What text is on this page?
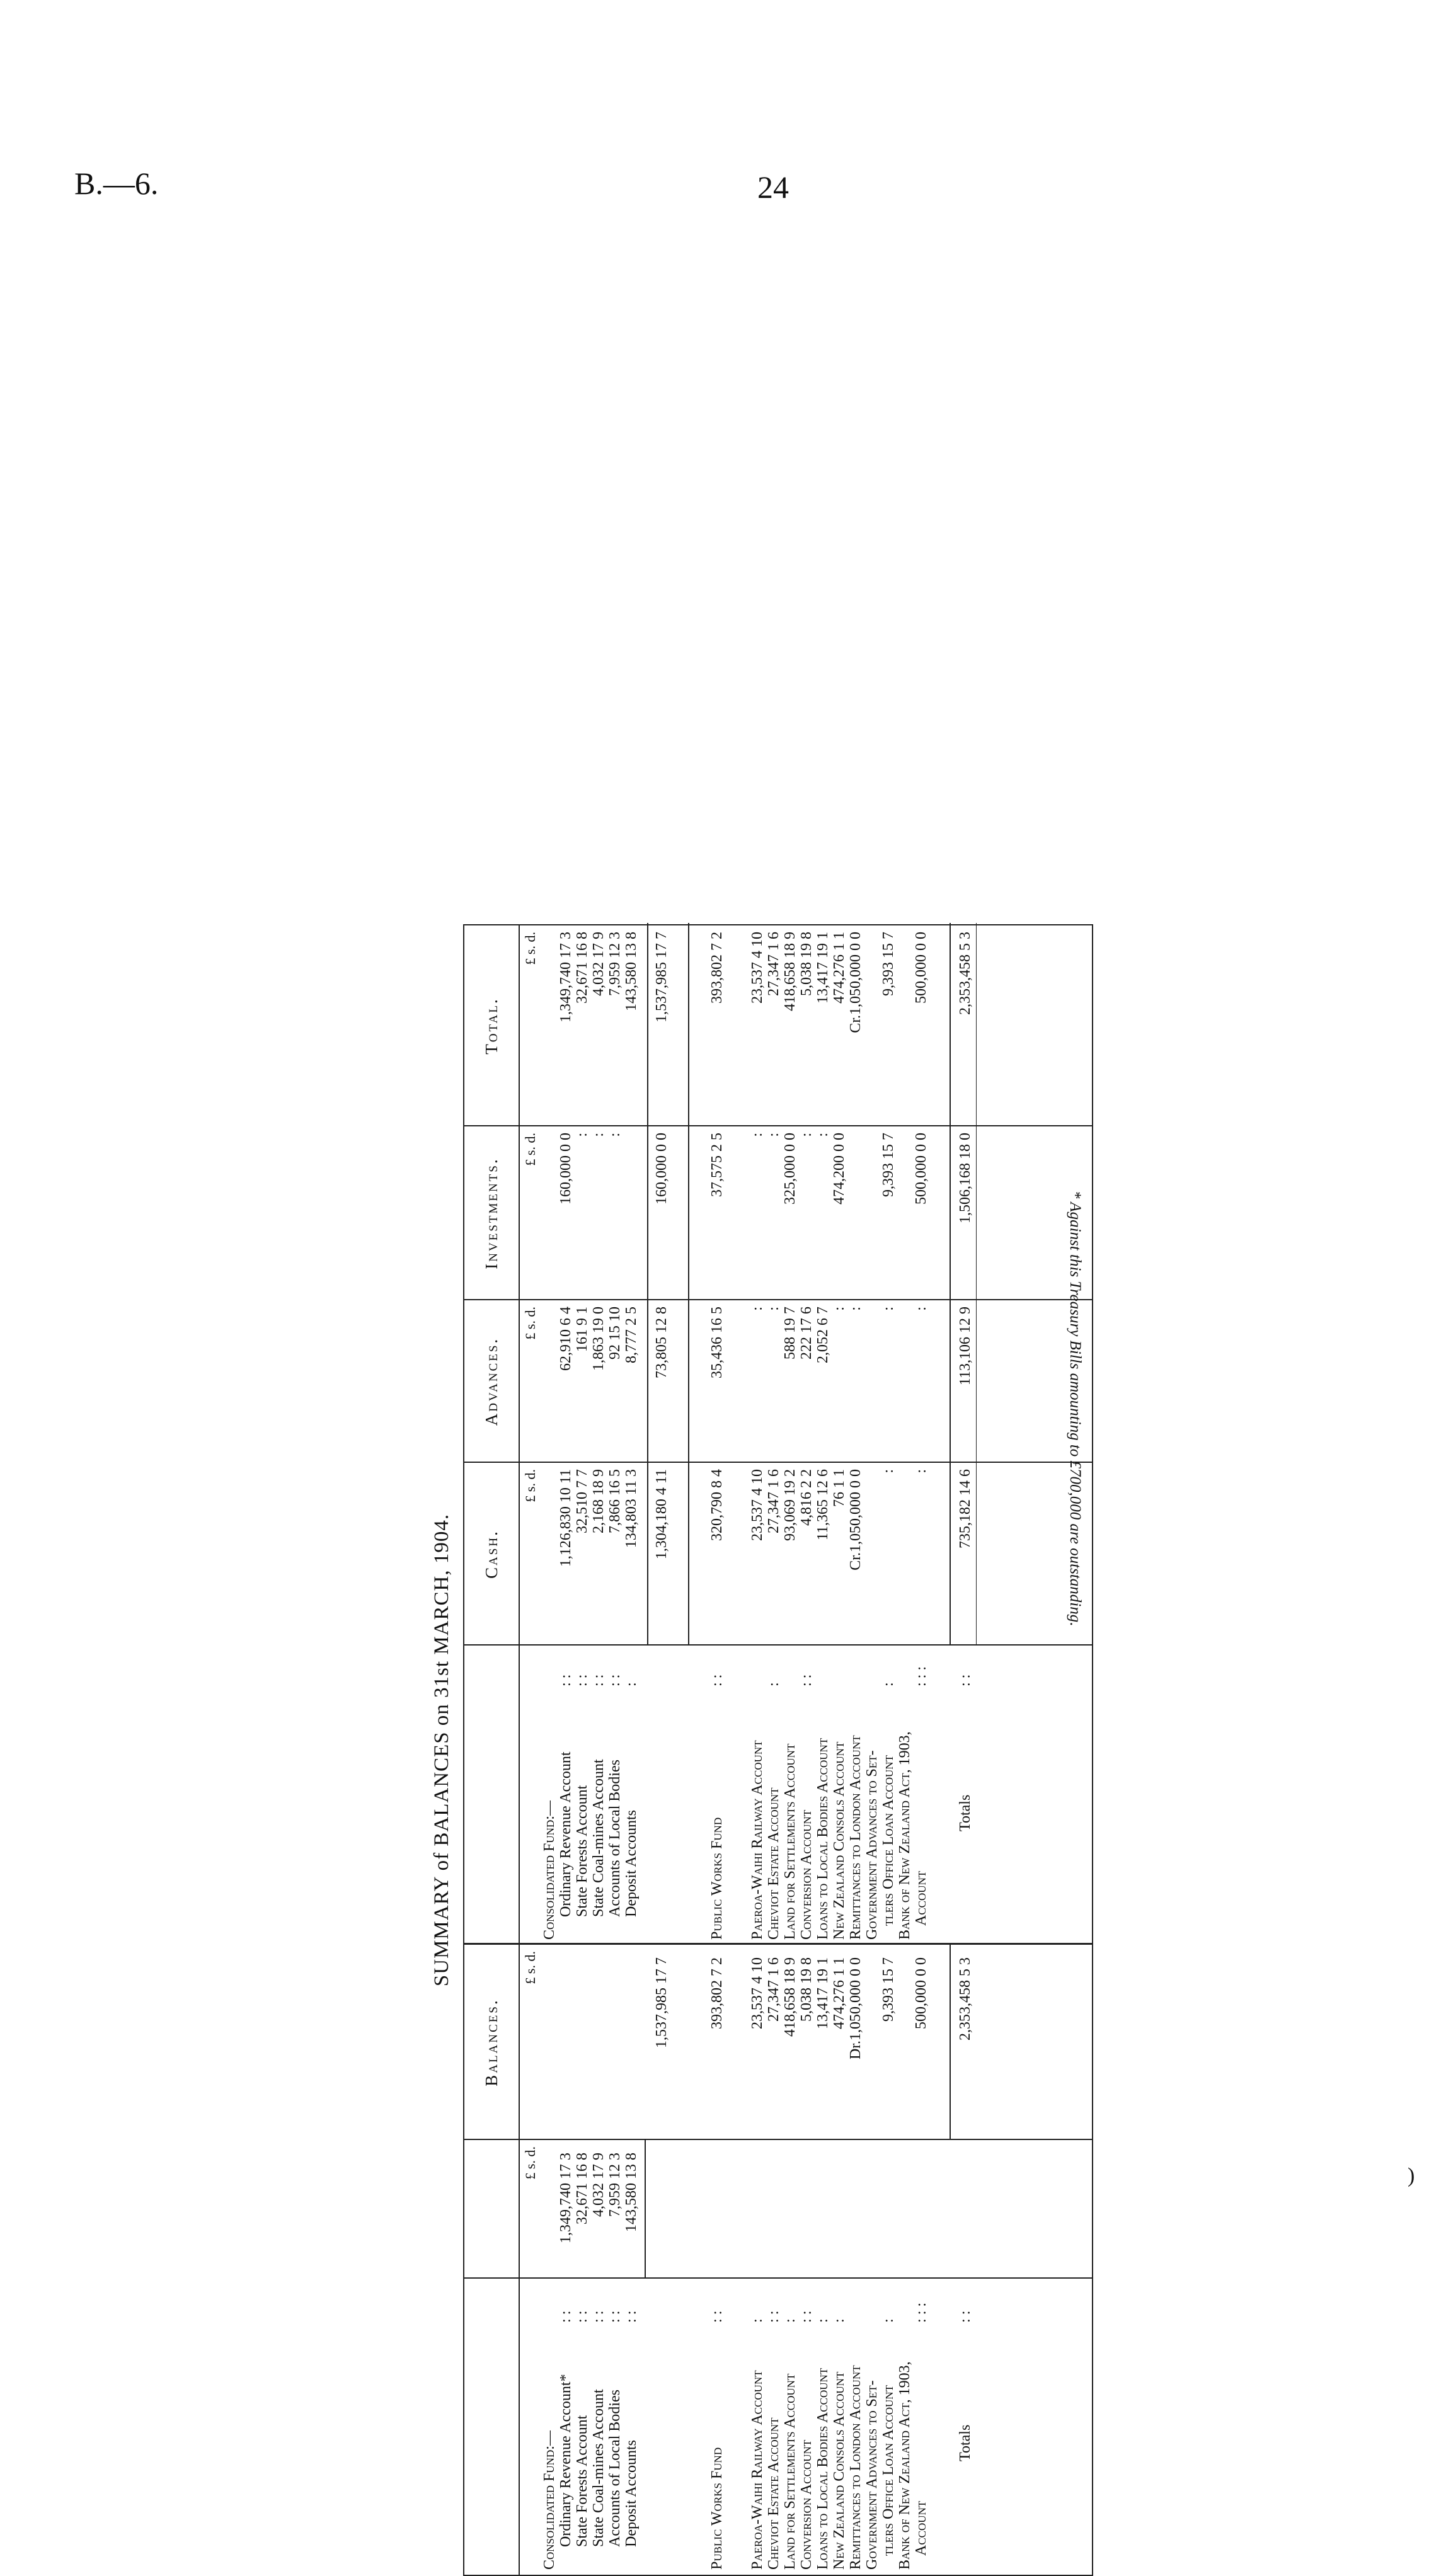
B.—6.	24
SUMMARY of BALANCES on 31st MARCH, 1904.
Balances.
Cash.
Advances.
Investments.
Total.
£ s. d.
£ s. d.
£ s. d.
£ s. d.
£ s. d.
£ s. d.
Consolidated Fund:— Ordinary Revenue Account*
: :
1,349,740 17 3
State Forests Account
: :
32,671 16 8
State Coal-mines Account
: :
4,032 17 9
Accounts of Local Bodies
: :
7,959 12 3
Deposit Accounts
: :
143,580 13 8
1,537,985 17 7
Public Works Fund
: :
393,802 7 2
Paeroa-Waihi Railway Account
:
23,537 4 10
Cheviot Estate Account
: :
27,347 1 6
Land for Settlements Account
:
418,658 18 9
Conversion Account
: :
5,038 19 8
Loans to Local Bodies Account
:
13,417 19 1
New Zealand Consols Account
:
474,276 1 1
Remittances to London Account
Dr.1,050,000 0 0
Government Advances to Set- tlers Office Loan Account
:
9,393 15 7
Bank of New Zealand Act, 1903, Account
: : :
500,000 0 0
Totals
: :
2,353,458 5 3
Consolidated Fund:— Ordinary Revenue Account
: :
1,126,830 10 11
62,910 6 4
160,000 0 0
1,349,740 17 3
State Forests Account
: :
32,510 7 7
161 9 1
:
32,671 16 8
State Coal-mines Account
: :
2,168 18 9
1,863 19 0
:
4,032 17 9
Accounts of Local Bodies
: :
7,866 16 5
92 15 10
:
7,959 12 3
Deposit Accounts
:
134,803 11 3
8,777 2 5
143,580 13 8
1,304,180 4 11
73,805 12 8
160,000 0 0
1,537,985 17 7
Public Works Fund
: :
320,790 8 4
35,436 16 5
37,575 2 5
393,802 7 2
Paeroa-Waihi Railway Account
23,537 4 10
:
:
23,537 4 10
Cheviot Estate Account
:
27,347 1 6
:
:
27,347 1 6
Land for Settlements Account
93,069 19 2
588 19 7
325,000 0 0
418,658 18 9
Conversion Account
: :
4,816 2 2
222 17 6
:
5,038 19 8
Loans to Local Bodies Account
11,365 12 6
2,052 6 7
:
13,417 19 1
New Zealand Consols Account
76 1 1
:
474,200 0 0
474,276 1 1
Remittances to London Account
Cr.1,050,000 0 0
:
Cr.1,050,000 0 0
Government Advances to Set- tlers Office Loan Account
:
:
:
9,393 15 7
9,393 15 7
Bank of New Zealand Act, 1903, Account
: : :
:
:
500,000 0 0
500,000 0 0
Totals
: :
735,182 14 6
113,106 12 9
1,506,168 18 0
2,353,458 5 3
* Against this Treasury Bills amounting to £700,000 are outstanding.
)
